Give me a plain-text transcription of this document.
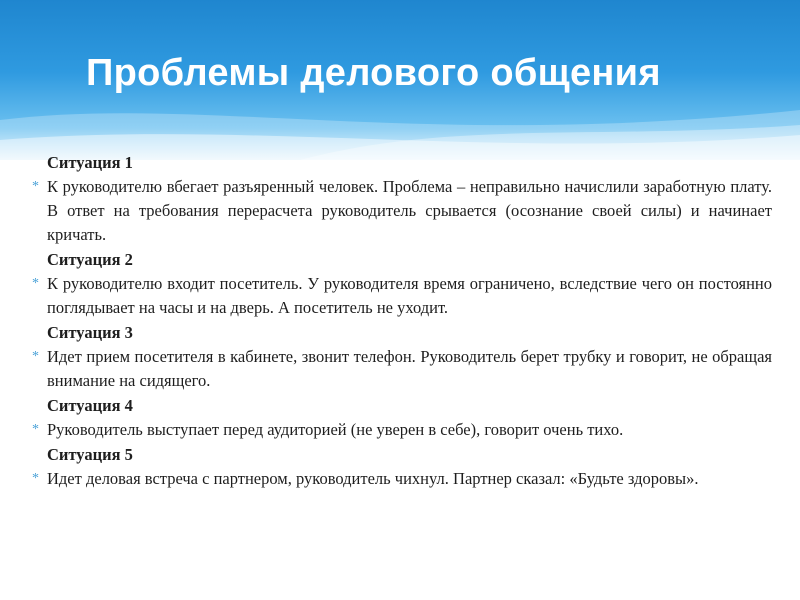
Проблемы делового общения
Ситуация 1
* К руководителю вбегает разъяренный человек. Проблема – неправильно начислили заработную плату. В ответ на требования перерасчета руководитель срывается (осознание своей силы) и начинает кричать.
Ситуация 2
* К руководителю входит посетитель. У руководителя время ограничено, вследствие чего он постоянно поглядывает на часы и на дверь. А посетитель не уходит.
Ситуация 3
* Идет прием посетителя в кабинете, звонит телефон. Руководитель берет трубку и говорит, не обращая внимание на сидящего.
Ситуация 4
* Руководитель выступает перед аудиторией (не уверен в себе), говорит очень тихо.
Ситуация 5
* Идет деловая встреча с партнером, руководитель чихнул. Партнер сказал: «Будьте здоровы».
